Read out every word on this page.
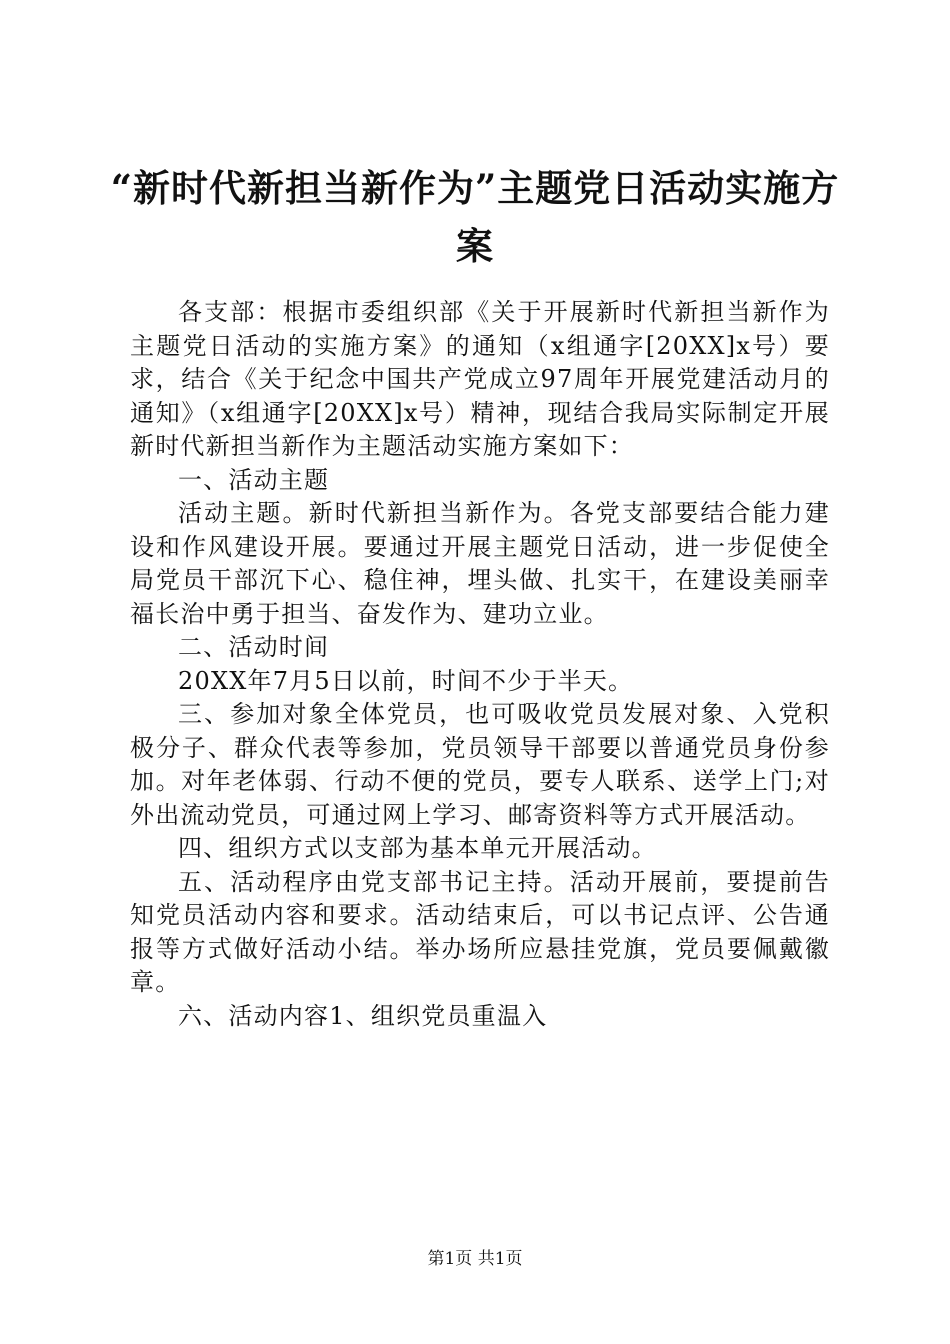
“新时代新担当新作为”主题党日活动实施方
案

各支部：根据市委组织部《关于开展新时代新担当新作为主题党日活动的实施方案》的通知（x组通字[20XX]x号）要求，结合《关于纪念中国共产党成立97周年开展党建活动月的通知》（x组通字[20XX]x号）精神，现结合我局实际制定开展新时代新担当新作为主题活动实施方案如下：

一、活动主题

活动主题。新时代新担当新作为。各党支部要结合能力建设和作风建设开展。要通过开展主题党日活动，进一步促使全局党员干部沉下心、稳住神，埋头做、扎实干，在建设美丽幸福长治中勇于担当、奋发作为、建功立业。

二、活动时间

20XX年7月5日以前，时间不少于半天。

三、参加对象全体党员，也可吸收党员发展对象、入党积极分子、群众代表等参加，党员领导干部要以普通党员身份参加。对年老体弱、行动不便的党员，要专人联系、送学上门;对外出流动党员，可通过网上学习、邮寄资料等方式开展活动。

四、组织方式以支部为基本单元开展活动。

五、活动程序由党支部书记主持。活动开展前，要提前告知党员活动内容和要求。活动结束后，可以书记点评、公告通报等方式做好活动小结。举办场所应悬挂党旗，党员要佩戴徽章。

六、活动内容1、组织党员重温入

第1页 共1页
